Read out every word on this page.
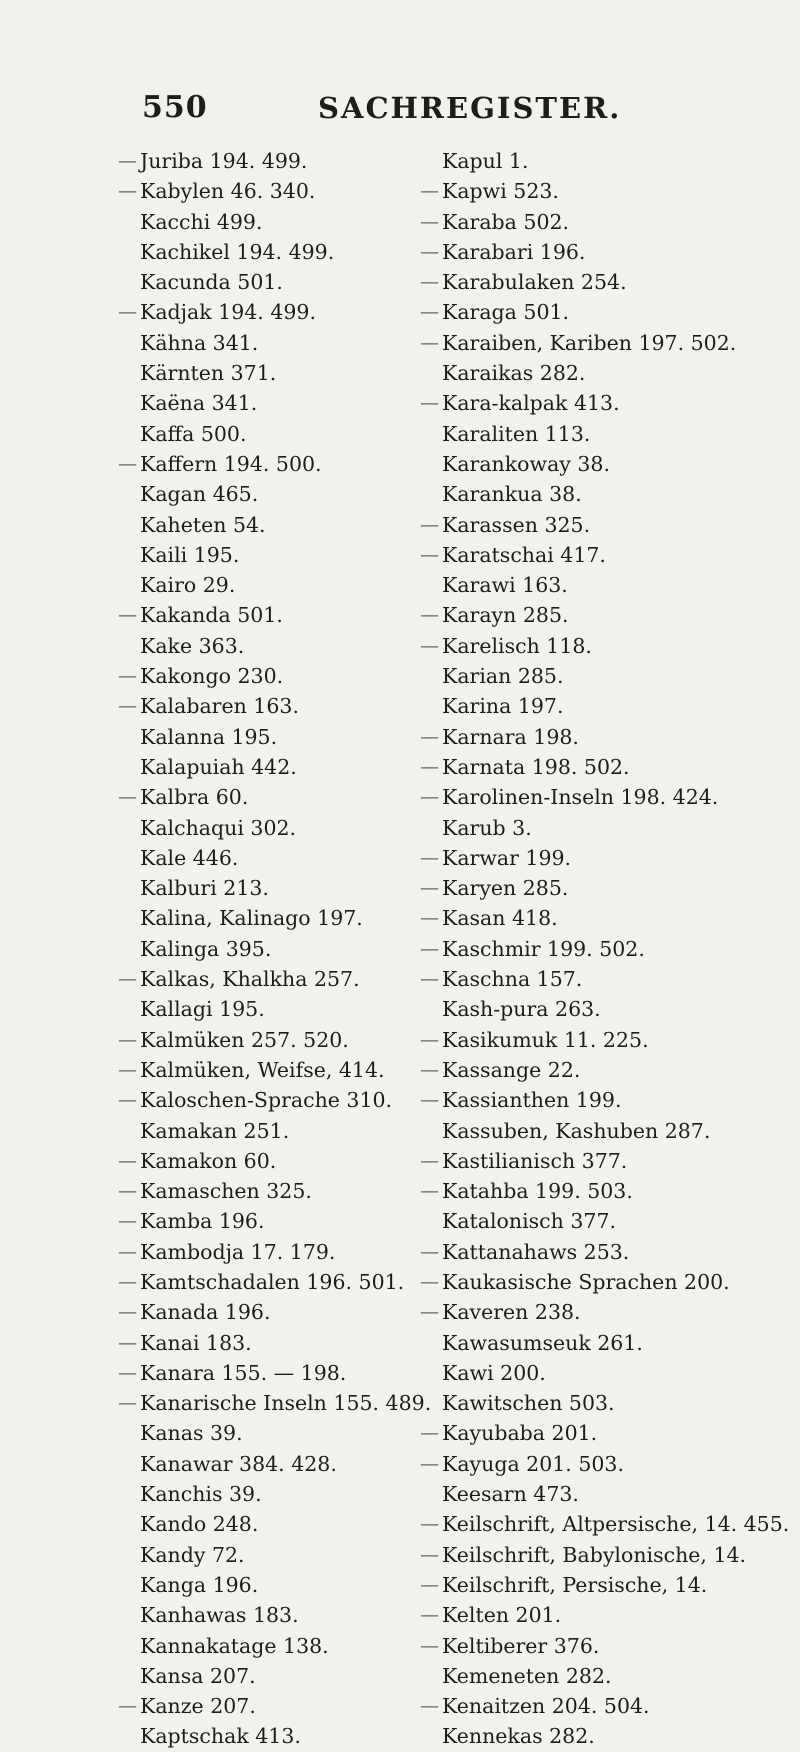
550	SACHREGISTER.
— Juriba 194. 499.
— Kabylen 46. 340.
Kacchi 499.
Kachikel 194. 499.
Kacunda 501.
— Kadjak 194. 499.
Kähna 341.
Kärnten 371.
Kaëna 341.
Kaffa 500.
— Kaffern 194. 500.
Kagan 465.
Kaheten 54.
Kaili 195.
Kairo 29.
— Kakanda 501.
Kake 363.
— Kakongo 230.
— Kalabaren 163.
Kalanna 195.
Kalapuiah 442.
— Kalbra 60.
Kalchaqui 302.
Kale 446.
Kalburi 213.
Kalina, Kalinago 197.
Kalinga 395.
— Kalkas, Khalkha 257.
Kallagi 195.
— Kalmüken 257. 520.
— Kalmüken, Weifse, 414.
— Kaloschen-Sprache 310.
Kamakan 251.
— Kamakon 60.
— Kamaschen 325.
— Kamba 196.
— Kambodja 17. 179.
— Kamtschadalen 196. 501.
— Kanada 196.
— Kanai 183.
— Kanara 155. — 198.
— Kanarische Inseln 155. 489.
Kanas 39.
Kanawar 384. 428.
Kanchis 39.
Kando 248.
Kandy 72.
Kanga 196.
Kanhawas 183.
Kannakatage 138.
Kansa 207.
— Kanze 207.
Kaptschak 413.
Kapul 1.
— Kapwi 523.
— Karaba 502.
— Karabari 196.
— Karabulaken 254.
— Karaga 501.
— Karaiben, Kariben 197. 502.
Karaikas 282.
— Kara-kalpak 413.
Karaliten 113.
Karankoway 38.
Karankua 38.
— Karassen 325.
— Karatschai 417.
Karawi 163.
— Karayn 285.
— Karelisch 118.
Karian 285.
Karina 197.
— Karnara 198.
— Karnata 198. 502.
— Karolinen-Inseln 198. 424.
Karub 3.
— Karwar 199.
— Karyen 285.
— Kasan 418.
— Kaschmir 199. 502.
— Kaschna 157.
Kash-pura 263.
— Kasikumuk 11. 225.
— Kassange 22.
— Kassianthen 199.
Kassuben, Kashuben 287.
— Kastilianisch 377.
— Katahba 199. 503.
Katalonisch 377.
— Kattanahaws 253.
— Kaukasische Sprachen 200.
— Kaveren 238.
Kawasumseuk 261.
Kawi 200.
Kawitschen 503.
— Kayubaba 201.
— Kayuga 201. 503.
Keesarn 473.
— Keilschrift, Altpersische, 14. 455.
— Keilschrift, Babylonische, 14.
— Keilschrift, Persische, 14.
— Kelten 201.
— Keltiberer 376.
Kemeneten 282.
— Kenaitzen 204. 504.
Kennekas 282.
